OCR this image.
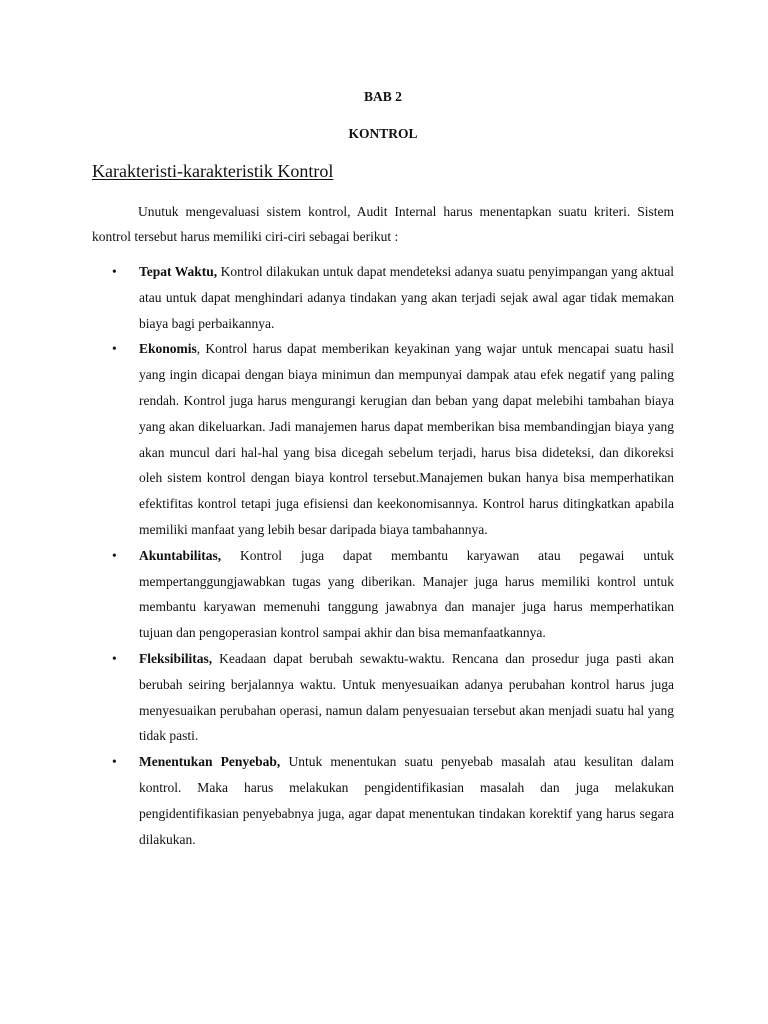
BAB 2

KONTROL

Karakteristi-karakteristik Kontrol

Unutuk mengevaluasi sistem kontrol, Audit Internal harus menentapkan suatu kriteri. Sistem kontrol tersebut harus memiliki ciri-ciri sebagai berikut :

• Tepat Waktu, Kontrol dilakukan untuk dapat mendeteksi adanya suatu penyimpangan yang aktual atau untuk dapat menghindari adanya tindakan yang akan terjadi sejak awal agar tidak memakan biaya bagi perbaikannya.
• Ekonomis, Kontrol harus dapat memberikan keyakinan yang wajar untuk mencapai suatu hasil yang ingin dicapai dengan biaya minimun dan mempunyai dampak atau efek negatif yang paling rendah. Kontrol juga harus mengurangi kerugian dan beban yang dapat melebihi tambahan biaya yang akan dikeluarkan. Jadi manajemen harus dapat memberikan bisa membandingjan biaya yang akan muncul dari hal-hal yang bisa dicegah sebelum terjadi, harus bisa dideteksi, dan dikoreksi oleh sistem kontrol dengan biaya kontrol tersebut.Manajemen bukan hanya bisa memperhatikan efektifitas kontrol tetapi juga efisiensi dan keekonomisannya. Kontrol harus ditingkatkan apabila memiliki manfaat yang lebih besar daripada biaya tambahannya.
• Akuntabilitas, Kontrol juga dapat membantu karyawan atau pegawai untuk mempertanggungjawabkan tugas yang diberikan. Manajer juga harus memiliki kontrol untuk membantu karyawan memenuhi tanggung jawabnya dan manajer juga harus memperhatikan tujuan dan pengoperasian kontrol sampai akhir dan bisa memanfaatkannya.
• Fleksibilitas, Keadaan dapat berubah sewaktu-waktu. Rencana dan prosedur juga pasti akan berubah seiring berjalannya waktu. Untuk menyesuaikan adanya perubahan kontrol harus juga menyesuaikan perubahan operasi, namun dalam penyesuaian tersebut akan menjadi suatu hal yang tidak pasti.
• Menentukan Penyebab, Untuk menentukan suatu penyebab masalah atau kesulitan dalam kontrol. Maka harus melakukan pengidentifikasian masalah dan juga melakukan pengidentifikasian penyebabnya juga, agar dapat menentukan tindakan korektif yang harus segara dilakukan.
